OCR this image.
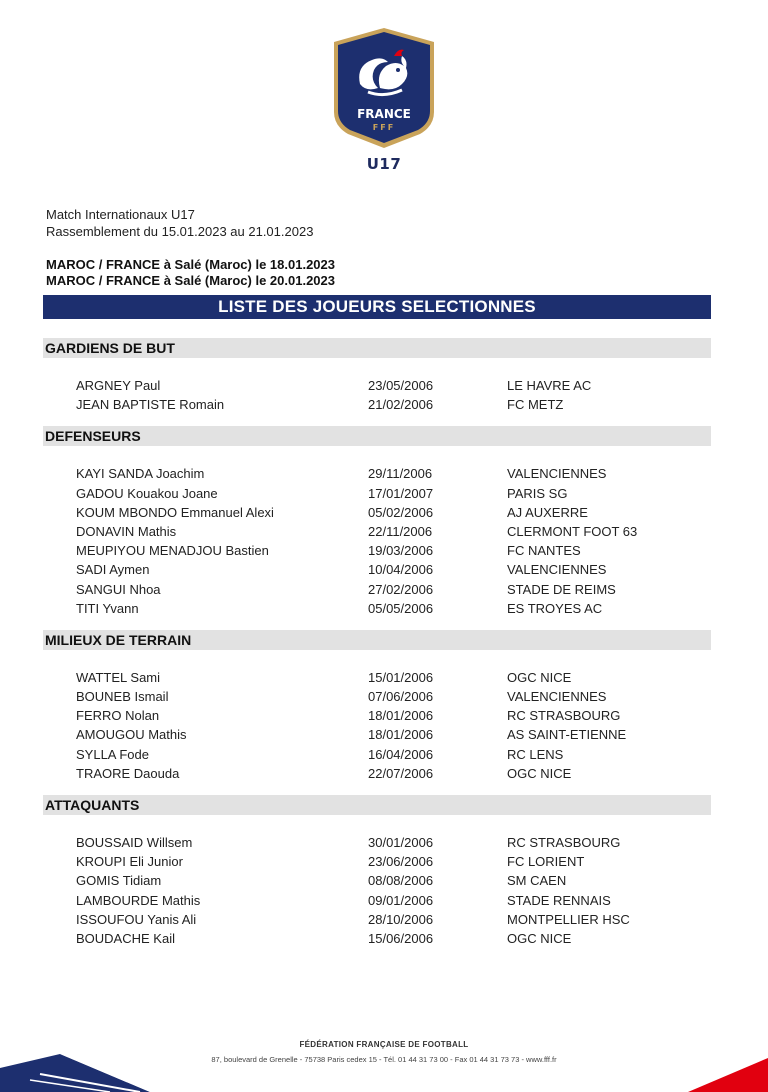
FRANCE
FFF
U17
Match Internationaux U17
Rassemblement du 15.01.2023 au 21.01.2023
MAROC / FRANCE à Salé (Maroc) le 18.01.2023
MAROC / FRANCE à Salé (Maroc) le 20.01.2023
LISTE DES JOUEURS SELECTIONNES
GARDIENS DE BUT
ARGNEY Paul	23/05/2006	LE HAVRE AC
JEAN BAPTISTE Romain	21/02/2006	FC METZ
DEFENSEURS
KAYI SANDA Joachim	29/11/2006	VALENCIENNES
GADOU Kouakou Joane	17/01/2007	PARIS SG
KOUM MBONDO Emmanuel Alexi	05/02/2006	AJ AUXERRE
DONAVIN Mathis	22/11/2006	CLERMONT FOOT 63
MEUPIYOU MENADJOU Bastien	19/03/2006	FC NANTES
SADI Aymen	10/04/2006	VALENCIENNES
SANGUI Nhoa	27/02/2006	STADE DE REIMS
TITI Yvann	05/05/2006	ES TROYES AC
MILIEUX DE TERRAIN
WATTEL Sami	15/01/2006	OGC NICE
BOUNEB Ismail	07/06/2006	VALENCIENNES
FERRO Nolan	18/01/2006	RC STRASBOURG
AMOUGOU Mathis	18/01/2006	AS SAINT-ETIENNE
SYLLA Fode	16/04/2006	RC LENS
TRAORE Daouda	22/07/2006	OGC NICE
ATTAQUANTS
BOUSSAID Willsem	30/01/2006	RC STRASBOURG
KROUPI Eli Junior	23/06/2006	FC LORIENT
GOMIS Tidiam	08/08/2006	SM CAEN
LAMBOURDE Mathis	09/01/2006	STADE RENNAIS
ISSOUFOU Yanis Ali	28/10/2006	MONTPELLIER HSC
BOUDACHE Kail	15/06/2006	OGC NICE
FÉDÉRATION FRANÇAISE DE FOOTBALL
87, boulevard de Grenelle - 75738 Paris cedex 15 - Tél. 01 44 31 73 00 - Fax 01 44 31 73 73 - www.fff.fr
